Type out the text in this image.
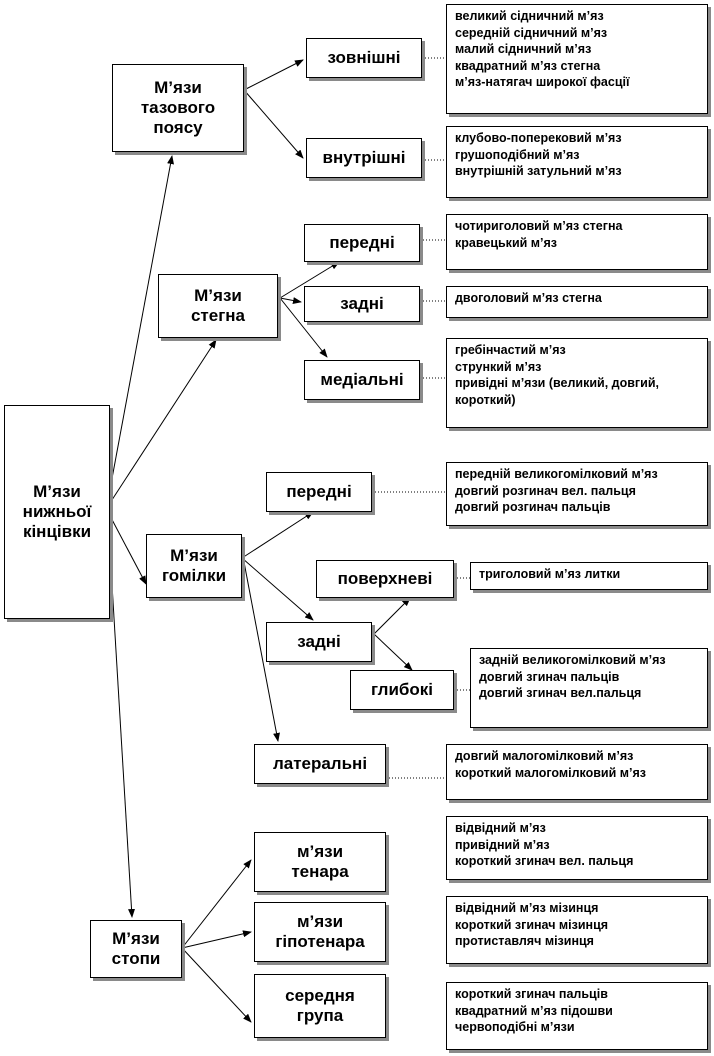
М’язи нижньої кінцівки
М’язи тазового поясу
М’язи стегна
М’язи гомілки
М’язи стопи
зовнішні
внутрішні
передні
задні
медіальні
передні
задні
поверхневі
глибокі
латеральні
м’язи тенара
м’язи гіпотенара
середня група
великий сідничний м’яз
середній сідничний м’яз
малий сідничний м’яз
квадратний м’яз стегна
м’яз-натягач широкої фасції
клубово-поперековий м’яз
грушоподібний м’яз
внутрішній затульний м’яз
чотириголовий м’яз стегна
кравецький м’яз
двоголовий м’яз стегна
гребінчастий м’яз
стрункий м’яз
привідні м’язи (великий, довгий, короткий)
передній великогомілковий м’яз
довгий розгинач вел. пальця
довгий розгинач пальців
триголовий м’яз литки
задній великогомілковий м’яз
довгий згинач пальців
довгий згинач вел.пальця
довгий малогомілковий м’яз
короткий малогомілковий м’яз
відвідний м’яз
привідний м’яз
короткий згинач вел. пальця
відвідний м’яз мізинця
короткий згинач мізинця
протиставляч мізинця
короткий згинач пальців
квадратний м’яз підошви
червоподібні м’язи
